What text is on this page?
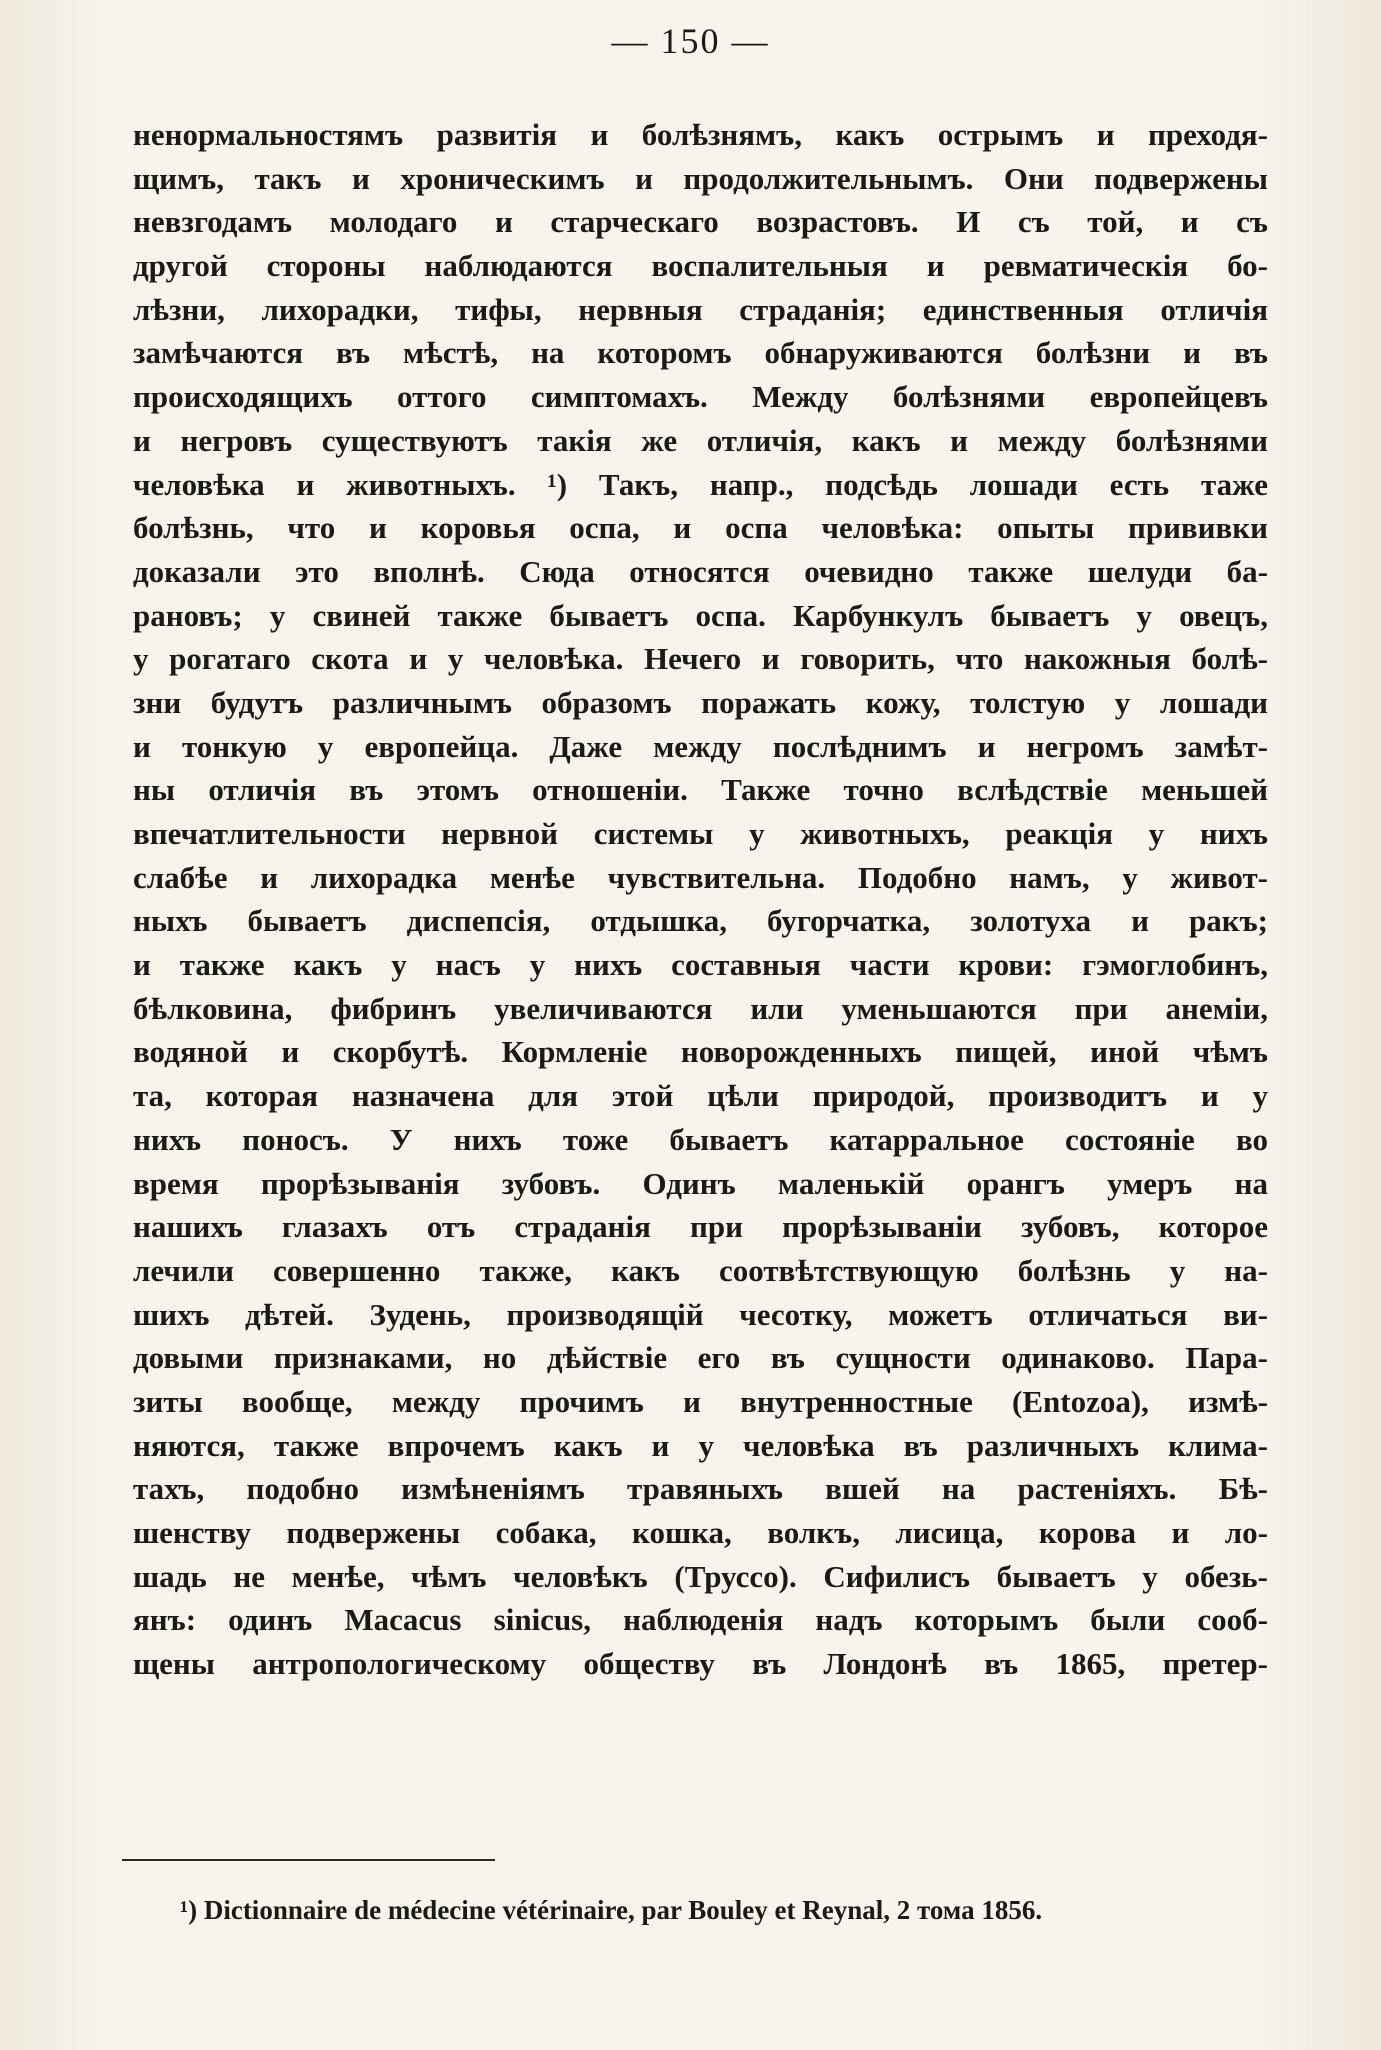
— 150 —
ненормальностямъ развитія и болѣзнямъ, какъ острымъ и преходя-
щимъ, такъ и хроническимъ и продолжительнымъ. Они подвержены
невзгодамъ молодаго и старческаго возрастовъ. И съ той, и съ
другой стороны наблюдаются воспалительныя и ревматическія бо-
лѣзни, лихорадки, тифы, нервныя страданія; единственныя отличія
замѣчаются въ мѣстѣ, на которомъ обнаруживаются болѣзни и въ
происходящихъ оттого симптомахъ. Между болѣзнями европейцевъ
и негровъ существуютъ такія же отличія, какъ и между болѣзнями
человѣка и животныхъ. ¹) Такъ, напр., подсѣдь лошади есть таже
болѣзнь, что и коровья оспа, и оспа человѣка: опыты прививки
доказали это вполнѣ. Сюда относятся очевидно также шелуди ба-
рановъ; у свиней также бываетъ оспа. Карбункулъ бываетъ у овецъ,
у рогатаго скота и у человѣка. Нечего и говорить, что накожныя болѣ-
зни будутъ различнымъ образомъ поражать кожу, толстую у лошади
и тонкую у европейца. Даже между послѣднимъ и негромъ замѣт-
ны отличія въ этомъ отношеніи. Также точно вслѣдствіе меньшей
впечатлительности нервной системы у животныхъ, реакція у нихъ
слабѣе и лихорадка менѣе чувствительна. Подобно намъ, у живот-
ныхъ бываетъ диспепсія, отдышка, бугорчатка, золотуха и ракъ;
и также какъ у насъ у нихъ составныя части крови: гэмоглобинъ,
бѣлковина, фибринъ увеличиваются или уменьшаются при анеміи,
водяной и скорбутѣ. Кормленіе новорожденныхъ пищей, иной чѣмъ
та, которая назначена для этой цѣли природой, производитъ и у
нихъ поносъ. У нихъ тоже бываетъ катарральное состояніе во
время прорѣзыванія зубовъ. Одинъ маленькій орангъ умеръ на
нашихъ глазахъ отъ страданія при прорѣзываніи зубовъ, которое
лечили совершенно также, какъ соотвѣтствующую болѣзнь у на-
шихъ дѣтей. Зудень, производящій чесотку, можетъ отличаться ви-
довыми признаками, но дѣйствіе его въ сущности одинаково. Пара-
зиты вообще, между прочимъ и внутренностные (Entozoa), измѣ-
няются, также впрочемъ какъ и у человѣка въ различныхъ клима-
тахъ, подобно измѣненіямъ травяныхъ вшей на растеніяхъ. Бѣ-
шенству подвержены собака, кошка, волкъ, лисица, корова и ло-
шадь не менѣе, чѣмъ человѣкъ (Труссо). Сифилисъ бываетъ у обезь-
янъ: одинъ Macacus sinicus, наблюденія надъ которымъ были сооб-
щены антропологическому обществу въ Лондонѣ въ 1865, претер-
¹) Dictionnaire de médecine vétérinaire, par Bouley et Reynal, 2 тома 1856.
